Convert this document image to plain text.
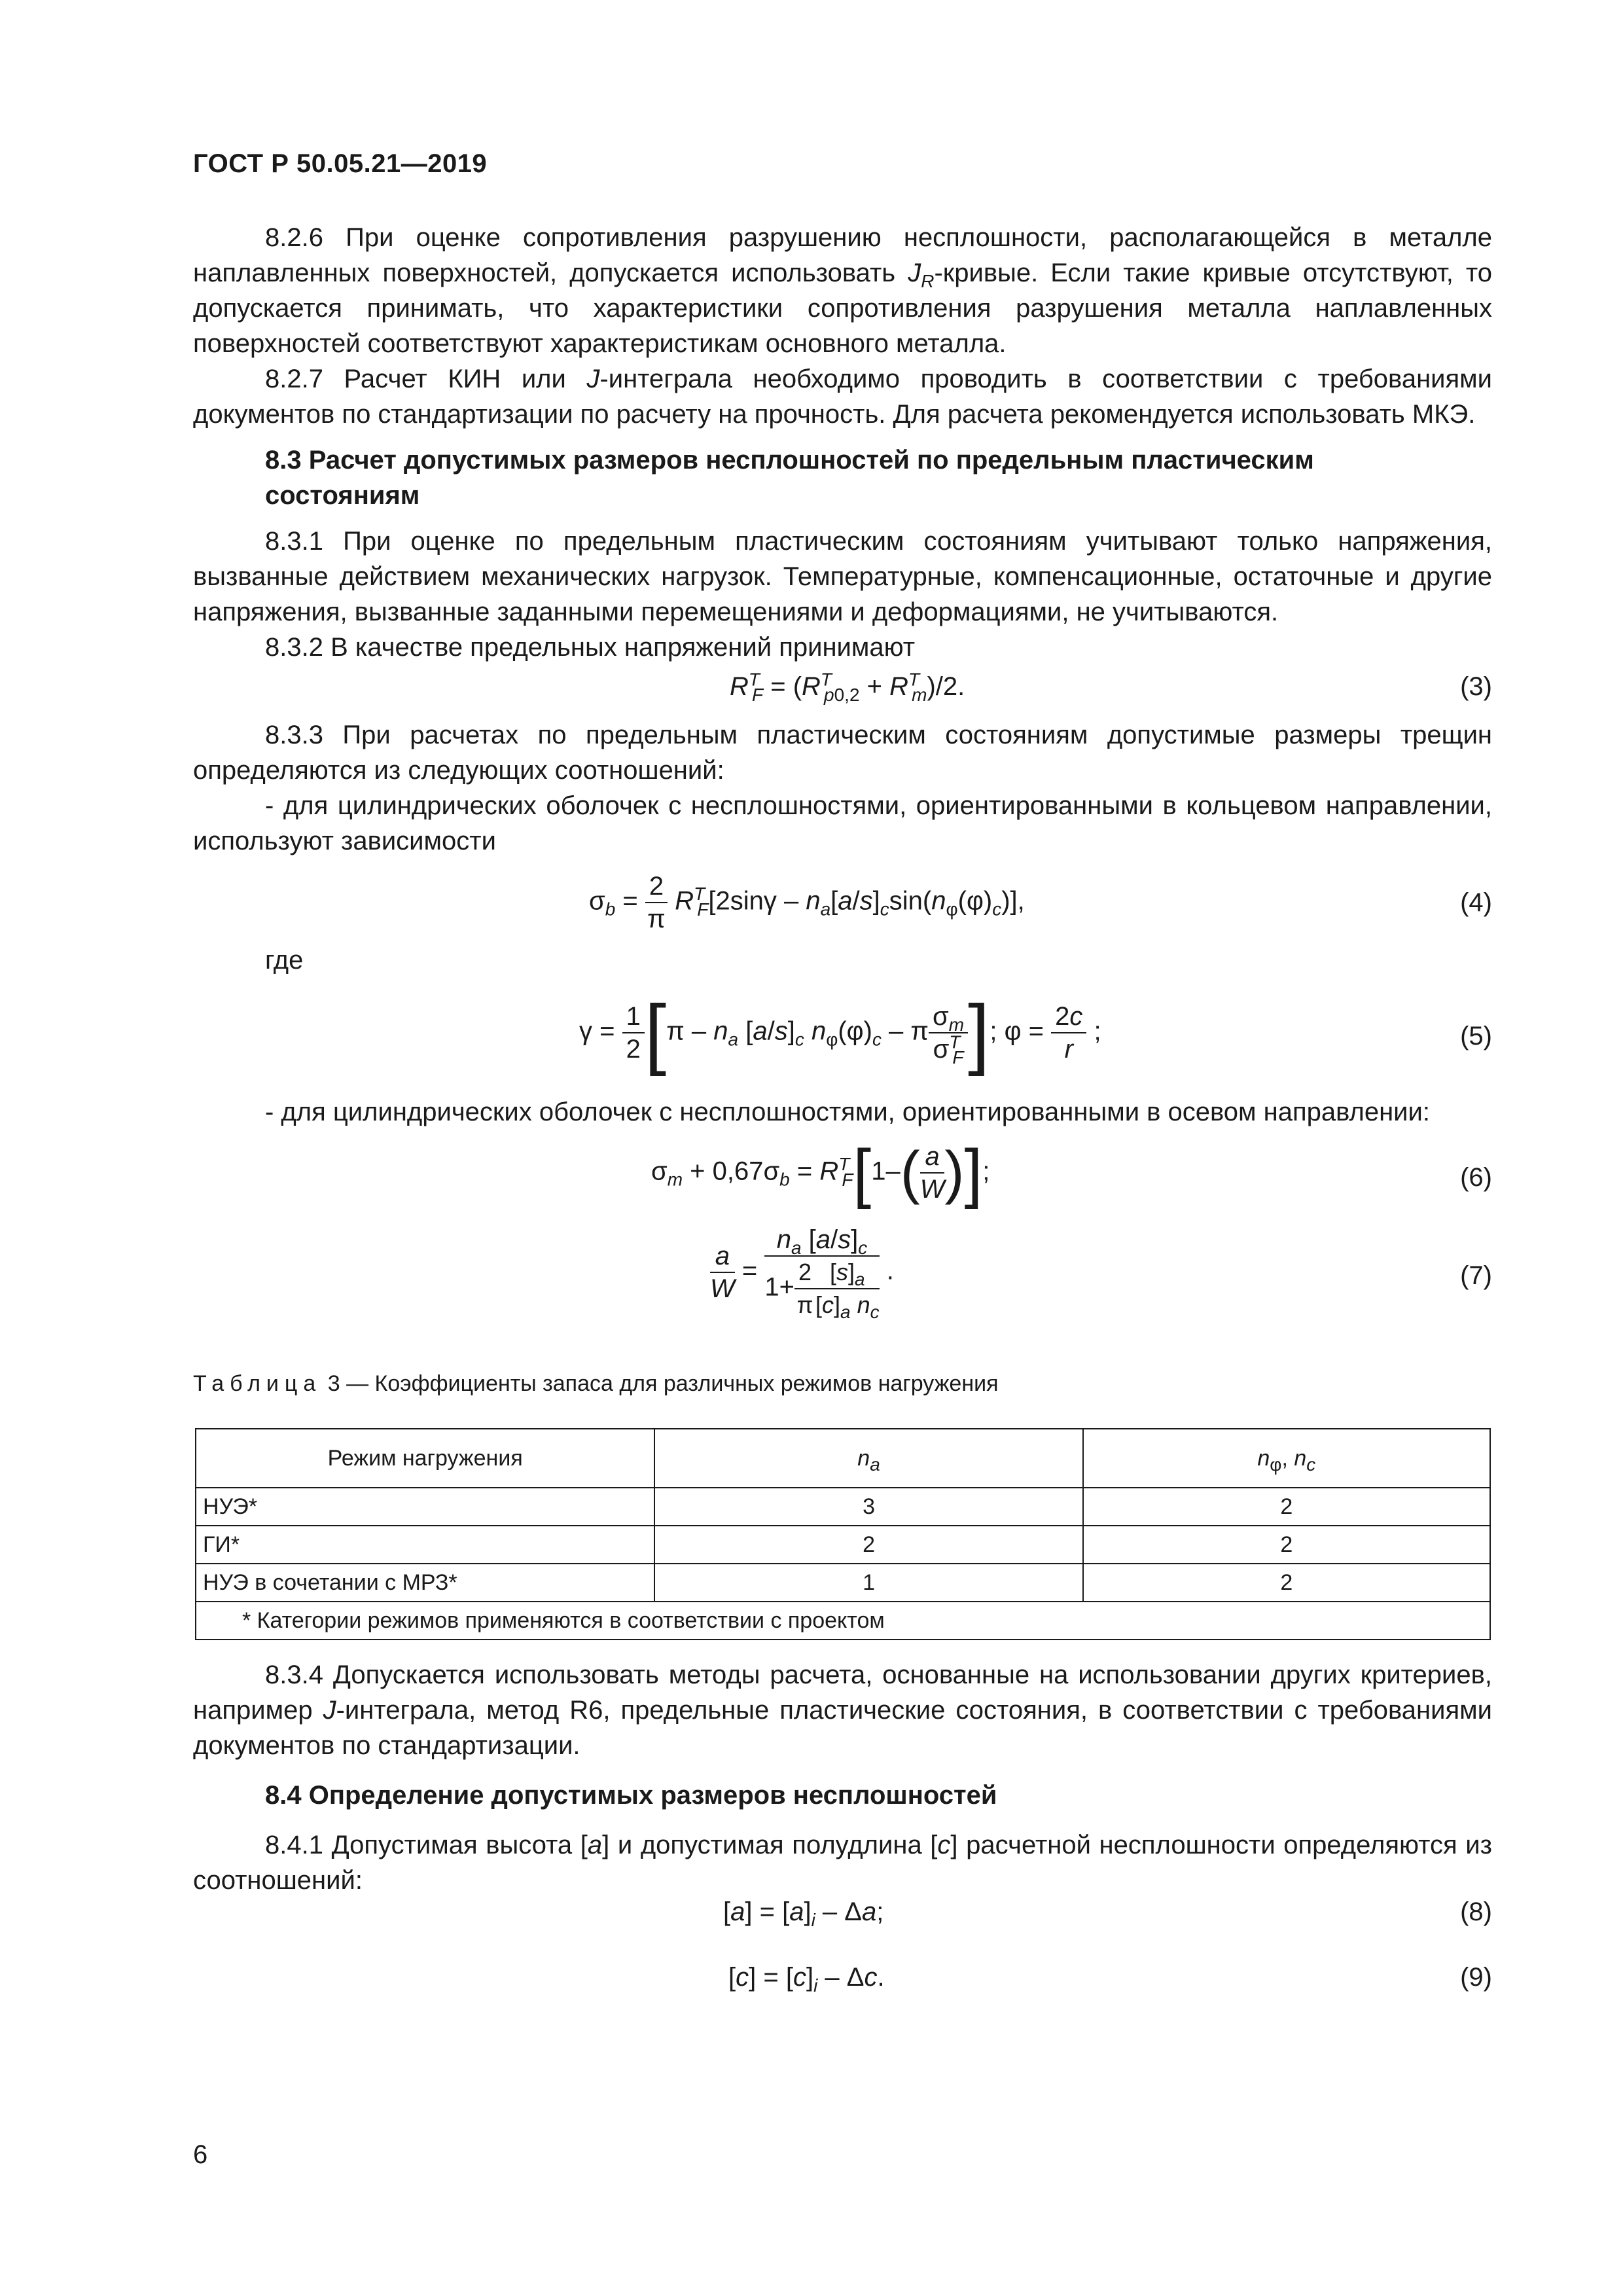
ГОСТ Р 50.05.21—2019

8.2.6 При оценке сопротивления разрушению несплошности, располагающейся в металле наплавленных поверхностей, допускается использовать $J_R$-кривые. Если такие кривые отсутствуют, то допускается принимать, что характеристики сопротивления разрушения металла наплавленных поверхностей соответствуют характеристикам основного металла.

8.2.7 Расчет КИН или J-интеграла необходимо проводить в соответствии с требованиями документов по стандартизации по расчету на прочность. Для расчета рекомендуется использовать МКЭ.

8.3 Расчет допустимых размеров несплошностей по предельным пластическим состояниям

8.3.1 При оценке по предельным пластическим состояниям учитывают только напряжения, вызванные действием механических нагрузок. Температурные, компенсационные, остаточные и другие напряжения, вызванные заданными перемещениями и деформациями, не учитываются.

8.3.2 В качестве предельных напряжений принимают

$R^T_F = (R^T_{p0,2} + R^T_m)/2$.	(3)

8.3.3 При расчетах по предельным пластическим состояниям допустимые размеры трещин определяются из следующих соотношений:

- для цилиндрических оболочек с несплошностями, ориентированными в кольцевом направлении, используют зависимости

$\sigma_b = \frac{2}{\pi} R^T_F[2\sin\gamma - n_a[a/s]_c\sin(n_\varphi(\varphi)_c)]$,	(4)

где

$\gamma = \frac{1}{2} [\pi - n_a$ $[a/s]_c$ $n_\varphi(\varphi)_c$ – π $\frac{\sigma_m}{\sigma^T_F}$ ]; $\varphi = \frac{2c}{r}$ ;	(5)

- для цилиндрических оболочек с несплошностями, ориентированными в осевом направлении:

$\sigma_m + 0,67\sigma_b = R^T_F[1-( \frac{a}{W}$ )];	(6)
$\frac{a}{W} = \frac{n_a [a/s]_c}{1+ \frac{2}{\pi} \frac{[s]_a}{[c]_a n_c}}$ .	(7)
Таблица 3 — Коэффициенты запаса для различных режимов нагружения
Режим нагружения	$n_a$	$n_\varphi$, $n_c$
НУЭ*	3	2
ГИ*	2	2
НУЭ в сочетании с МРЗ*	1	2
* Категории режимов применяются в соответствии с проектом		

8.3.4 Допускается использовать методы расчета, основанные на использовании других критериев, например J-интеграла, метод R6, предельные пластические состояния, в соответствии с требованиями документов по стандартизации.

8.4 Определение допустимых размеров несплошностей

8.4.1 Допустимая высота [a] и допустимая полудлина [c] расчетной несплошности определяются из соотношений:

$[a] = [a]_i - \Delta a$;	(8)
$[c] = [c]_i - \Delta c$.	(9)
6
